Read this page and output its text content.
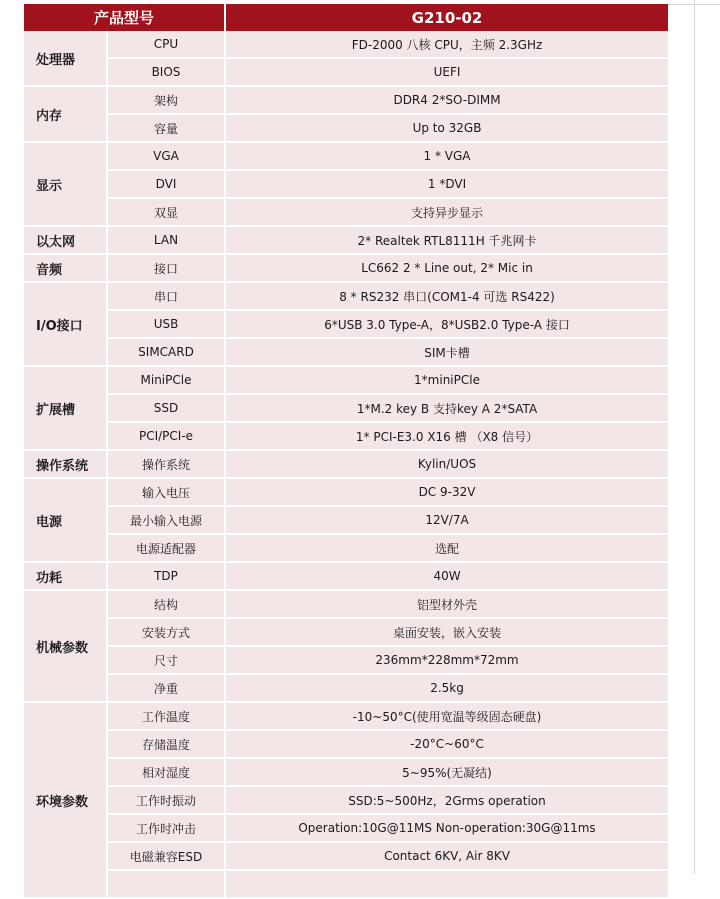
产品型号		G210-02
处理器	CPU	FD-2000 八核 CPU，主频 2.3GHz
	BIOS	UEFI
内存	架构	DDR4 2*SO-DIMM
	容量	Up to 32GB
显示	VGA	1 * VGA
	DVI	1 *DVI
	双显	支持异步显示
以太网	LAN	2* Realtek RTL8111H 千兆网卡
音频	接口	LC662 2 * Line out, 2* Mic in
I/O接口	串口	8 * RS232 串口(COM1-4 可选 RS422)
	USB	6*USB 3.0 Type-A，8*USB2.0 Type-A 接口
	SIMCARD	SIM卡槽
扩展槽	MiniPCle	1*miniPCle
	SSD	1*M.2 key B 支持key A 2*SATA
	PCI/PCI-e	1* PCI-E3.0 X16 槽 （X8 信号）
操作系统	操作系统	Kylin/UOS
电源	输入电压	DC 9-32V
	最小输入电源	12V/7A
	电源适配器	选配
功耗	TDP	40W
机械参数	结构	铝型材外壳
	安装方式	桌面安装，嵌入安装
	尺寸	236mm*228mm*72mm
	净重	2.5kg
环境参数	工作温度	-10~50°C(使用宽温等级固态硬盘)
	存储温度	-20°C~60°C
	相对湿度	5~95%(无凝结)
	工作时振动	SSD:5~500Hz，2Grms operation
	工作时冲击	Operation:10G@11MS Non-operation:30G@11ms
	电磁兼容ESD	Contact 6KV, Air 8KV
